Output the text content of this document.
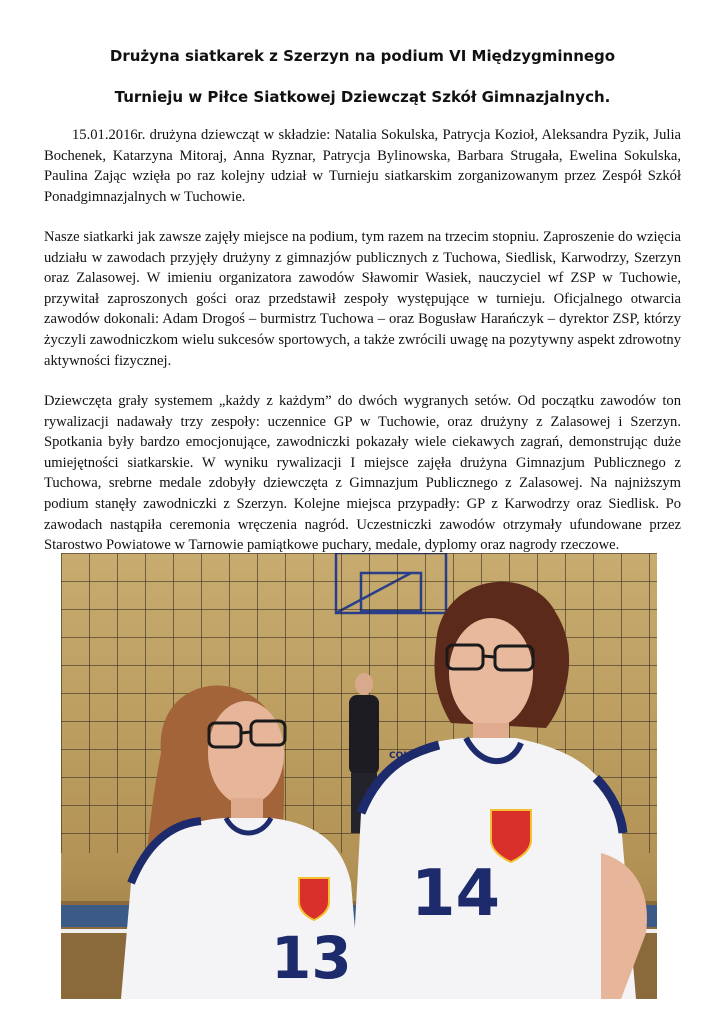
Drużyna siatkarek z Szerzyn na podium VI Międzygminnego
Turnieju w Piłce Siatkowej Dziewcząt Szkół Gimnazjalnych.

15.01.2016r. drużyna dziewcząt w składzie: Natalia Sokulska, Patrycja Kozioł, Aleksandra Pyzik, Julia Bochenek, Katarzyna Mitoraj, Anna Ryznar, Patrycja Bylinowska, Barbara Strugała, Ewelina Sokulska, Paulina Zając wzięła po raz kolejny udział w Turnieju siatkarskim zorganizowanym przez Zespół Szkół Ponadgimnazjalnych w Tuchowie.

Nasze siatkarki jak zawsze zajęły miejsce na podium, tym razem na trzecim stopniu. Zaproszenie do wzięcia udziału w zawodach przyjęły drużyny z gimnazjów publicznych z Tuchowa, Siedlisk, Karwodrzy, Szerzyn oraz Zalasowej. W imieniu organizatora zawodów Sławomir Wasiek, nauczyciel wf ZSP w Tuchowie, przywitał zaproszonych gości oraz przedstawił zespoły występujące w turnieju. Oficjalnego otwarcia zawodów dokonali: Adam Drogoś – burmistrz Tuchowa – oraz Bogusław Harańczyk – dyrektor ZSP, którzy życzyli zawodniczkom wielu sukcesów sportowych, a także zwrócili uwagę na pozytywny aspekt zdrowotny aktywności fizycznej.

Dziewczęta grały systemem „każdy z każdym” do dwóch wygranych setów. Od początku zawodów ton rywalizacji nadawały trzy zespoły: uczennice GP w Tuchowie, oraz drużyny z Zalasowej i Szerzyn. Spotkania były bardzo emocjonujące, zawodniczki pokazały wiele ciekawych zagrań, demonstrując duże umiejętności siatkarskie. W wyniku rywalizacji I miejsce zajęła drużyna Gimnazjum Publicznego z Tuchowa, srebrne medale zdobyły dziewczęta z Gimnazjum Publicznego z Zalasowej. Na najniższym podium stanęły zawodniczki z Szerzyn. Kolejne miejsca przypadły: GP z Karwodrzy oraz Siedlisk. Po zawodach nastąpiła ceremonia wręczenia nagród. Uczestniczki zawodów otrzymały ufundowane przez Starostwo Powiatowe w Tarnowie pamiątkowe puchary, medale, dyplomy oraz nagrody rzeczowe.

13
COLO
14
